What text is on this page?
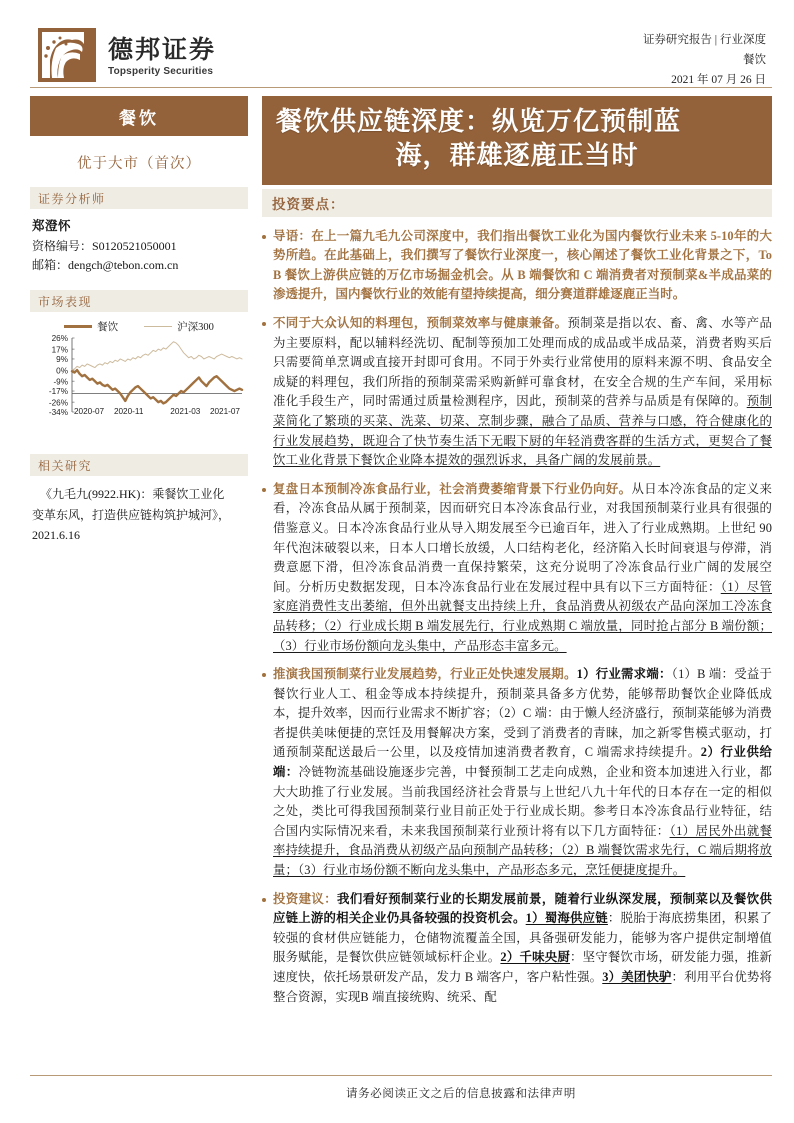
德邦证券
Topsperity Securities
证券研究报告 | 行业深度
餐饮
2021 年 07 月 26 日
餐饮
优于大市（首次）
证券分析师
郑澄怀
资格编号：S0120521050001
邮箱：dengch@tebon.com.cn
市场表现
餐饮	沪深300
26%
17%
9%
0%
-9%
-17%
-26%
-34% 2020-07 2020-11	2021-03 2021-07
相关研究
《九毛九(9922.HK)：乘餐饮工业化
变革东风，打造供应链构筑护城河》，
2021.6.16
餐饮供应链深度：纵览万亿预制蓝
海，群雄逐鹿正当时
投资要点：
导语：在上一篇九毛九公司深度中，我们指出餐饮工业化为国内餐饮行业未来 5-10年的大势所趋。在此基础上，我们撰写了餐饮行业深度一，核心阐述了餐饮工业化背景之下，To B 餐饮上游供应链的万亿市场掘金机会。从 B 端餐饮和 C 端消费者对预制菜&半成品菜的渗透提升，国内餐饮行业的效能有望持续提高，细分赛道群雄逐鹿正当时。
不同于大众认知的料理包，预制菜效率与健康兼备。预制菜是指以农、畜、禽、水等产品为主要原料，配以辅料经洗切、配制等预加工处理而成的成品或半成品菜，消费者购买后只需要简单烹调或直接开封即可食用。不同于外卖行业常使用的原料来源不明、食品安全成疑的料理包，我们所指的预制菜需采购新鲜可靠食材，在安全合规的生产车间，采用标准化手段生产，同时需通过质量检测程序，因此，预制菜的营养与品质是有保障的。预制菜简化了繁琐的买菜、洗菜、切菜、烹制步骤，融合了品质、营养与口感，符合健康化的行业发展趋势，既迎合了快节奏生活下无暇下厨的年轻消费客群的生活方式，更契合了餐饮工业化背景下餐饮企业降本提效的强烈诉求，具备广阔的发展前景。
复盘日本预制冷冻食品行业，社会消费萎缩背景下行业仍向好。从日本冷冻食品的定义来看，冷冻食品从属于预制菜，因而研究日本冷冻食品行业，对我国预制菜行业具有很强的借鉴意义。日本冷冻食品行业从导入期发展至今已逾百年，进入了行业成熟期。上世纪 90 年代泡沫破裂以来，日本人口增长放缓，人口结构老化，经济陷入长时间衰退与停滞，消费意愿下滑，但冷冻食品消费一直保持繁荣，这充分说明了冷冻食品行业广阔的发展空间。分析历史数据发现，日本冷冻食品行业在发展过程中具有以下三方面特征：（1）尽管家庭消费性支出萎缩，但外出就餐支出持续上升，食品消费从初级农产品向深加工冷冻食品转移；（2）行业成长期 B 端发展先行，行业成熟期 C 端放量，同时抢占部分 B 端份额；（3）行业市场份额向龙头集中，产品形态丰富多元。
推演我国预制菜行业发展趋势，行业正处快速发展期。1）行业需求端：（1）B 端：受益于餐饮行业人工、租金等成本持续提升，预制菜具备多方优势，能够帮助餐饮企业降低成本，提升效率，因而行业需求不断扩容；（2）C 端：由于懒人经济盛行，预制菜能够为消费者提供美味便捷的烹饪及用餐解决方案，受到了消费者的青睐，加之新零售模式驱动，打通预制菜配送最后一公里，以及疫情加速消费者教育，C 端需求持续提升。2）行业供给端：冷链物流基础设施逐步完善，中餐预制工艺走向成熟，企业和资本加速进入行业，都大大助推了行业发展。当前我国经济社会背景与上世纪八九十年代的日本存在一定的相似之处，类比可得我国预制菜行业目前正处于行业成长期。参考日本冷冻食品行业特征，结合国内实际情况来看，未来我国预制菜行业预计将有以下几方面特征：（1）居民外出就餐率持续提升，食品消费从初级产品向预制产品转移；（2）B 端餐饮需求先行，C 端后期将放量；（3）行业市场份额不断向龙头集中，产品形态多元，烹饪便捷度提升。
投资建议：我们看好预制菜行业的长期发展前景，随着行业纵深发展，预制菜以及餐饮供应链上游的相关企业仍具备较强的投资机会。1）蜀海供应链：脱胎于海底捞集团，积累了较强的食材供应链能力，仓储物流覆盖全国，具备强研发能力，能够为客户提供定制增值服务赋能，是餐饮供应链领域标杆企业。2）千味央厨：坚守餐饮市场，研发能力强，推新速度快，依托场景研发产品，发力 B 端客户，客户粘性强。3）美团快驴：利用平台优势将整合资源，实现B 端直接统购、统采、配
请务必阅读正文之后的信息披露和法律声明
